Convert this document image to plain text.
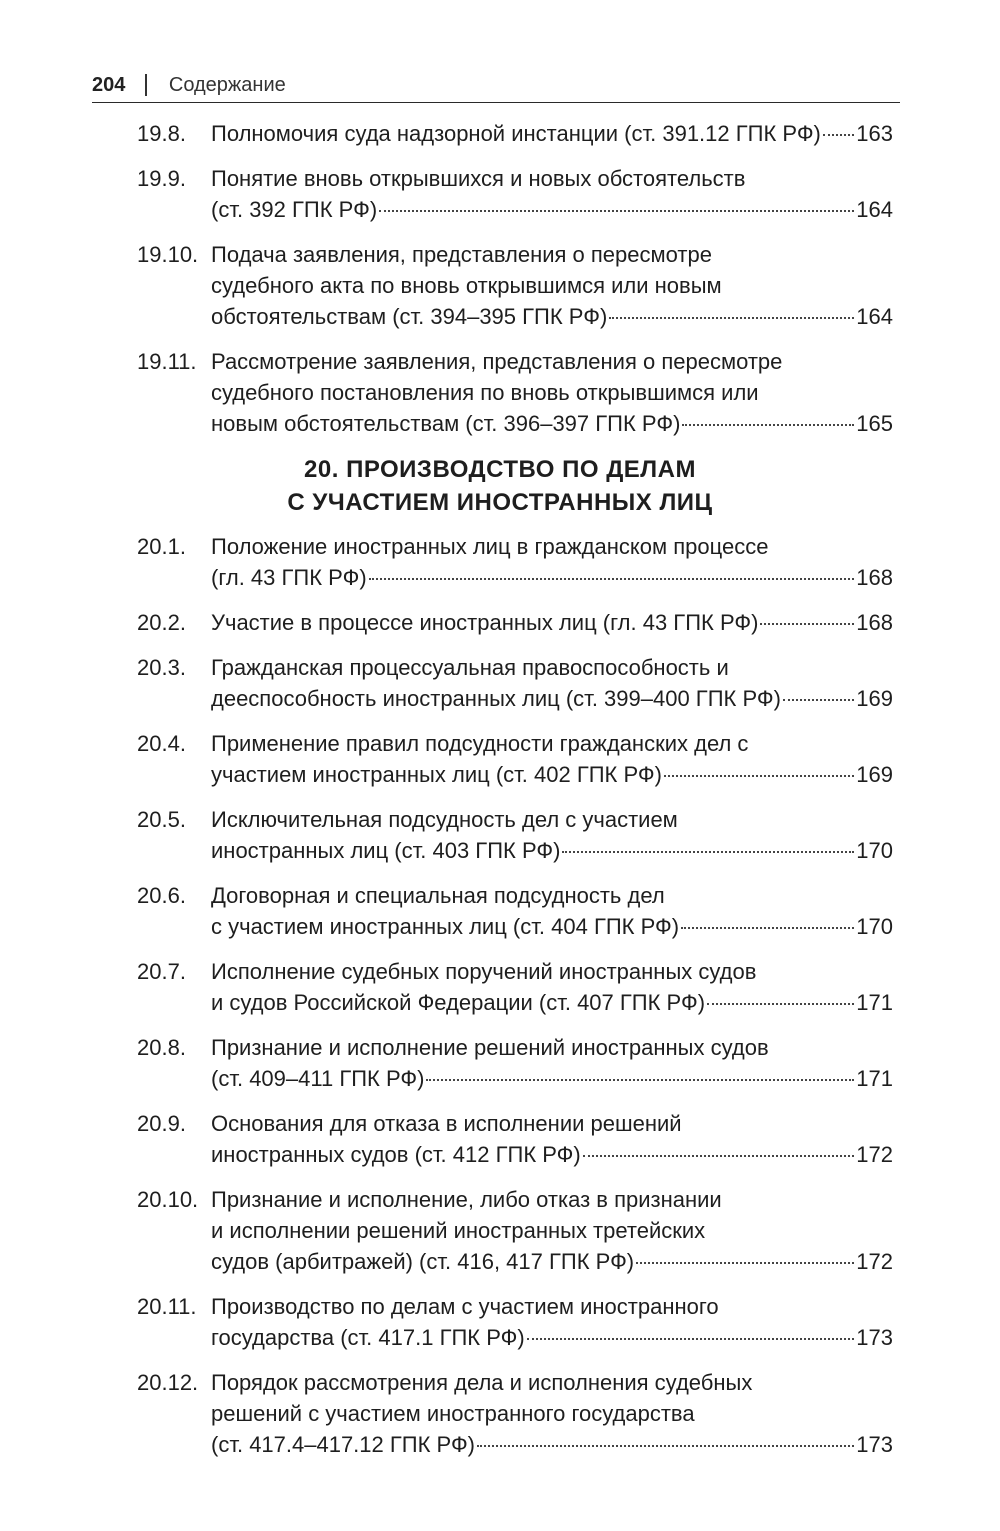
204 Содержание
19.8. Полномочия суда надзорной инстанции (ст. 391.12 ГПК РФ) 163
19.9. Понятие вновь открывшихся и новых обстоятельств
(ст. 392 ГПК РФ)	164
19.10. Подача заявления, представления о пересмотре
судебного акта по вновь открывшимся или новым
обстоятельствам (ст. 394–395 ГПК РФ)	164
19.11. Рассмотрение заявления, представления о пересмотре
судебного постановления по вновь открывшимся или
новым обстоятельствам (ст. 396–397 ГПК РФ)	165
20. ПРОИЗВОДСТВО ПО ДЕЛАМ
С УЧАСТИЕМ ИНОСТРАННЫХ ЛИЦ
20.1. Положение иностранных лиц в гражданском процессе
(гл. 43 ГПК РФ)	168
20.2. Участие в процессе иностранных лиц (гл. 43 ГПК РФ)	168
20.3. Гражданская процессуальная правоспособность и
дееспособность иностранных лиц (ст. 399–400 ГПК РФ)	169
20.4. Применение правил подсудности гражданских дел с
участием иностранных лиц (ст. 402 ГПК РФ)	169
20.5. Исключительная подсудность дел с участием
иностранных лиц (ст. 403 ГПК РФ)	170
20.6. Договорная и специальная подсудность дел
с участием иностранных лиц (ст. 404 ГПК РФ)	170
20.7. Исполнение судебных поручений иностранных судов
и судов Российской Федерации (ст. 407 ГПК РФ)	171
20.8. Признание и исполнение решений иностранных судов
(ст. 409–411 ГПК РФ)	171
20.9. Основания для отказа в исполнении решений
иностранных судов (ст. 412 ГПК РФ)	172
20.10. Признание и исполнение, либо отказ в признании
и исполнении решений иностранных третейских
судов (арбитражей) (ст. 416, 417 ГПК РФ)	172
20.11. Производство по делам с участием иностранного
государства (ст. 417.1 ГПК РФ)	173
20.12. Порядок рассмотрения дела и исполнения судебных
решений с участием иностранного государства
(ст. 417.4–417.12 ГПК РФ)	173
